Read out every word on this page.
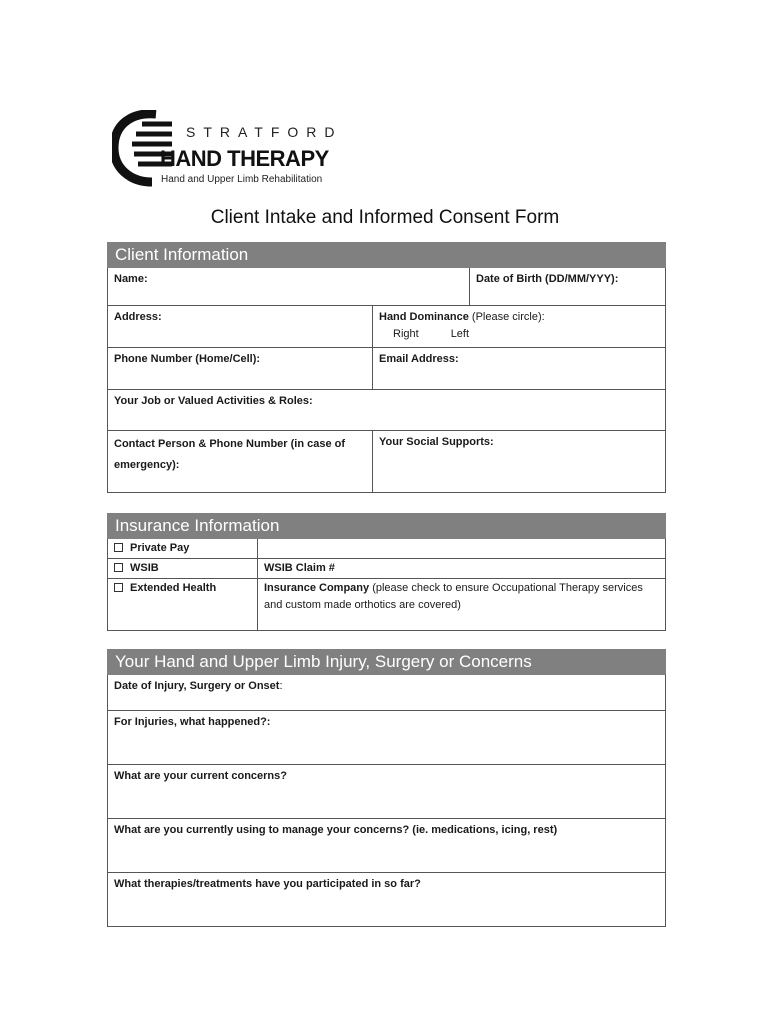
STRATFORD
HAND THERAPY
Hand and Upper Limb Rehabilitation
Client Intake and Informed Consent Form
Client Information		
Name:		Date of Birth (DD/MM/YYY):
Address:	Hand Dominance (Please circle):
Right Left	
Phone Number (Home/Cell):	Email Address:	
Your Job or Valued Activities & Roles:		
Contact Person & Phone Number (in case of emergency):	Your Social Supports:	
Insurance Information	
Private Pay	
WSIB	WSIB Claim #
Extended Health	Insurance Company (please check to ensure Occupational Therapy services and custom made orthotics are covered)
Your Hand and Upper Limb Injury, Surgery or Concerns
Date of Injury, Surgery or Onset:
For Injuries, what happened?:
What are your current concerns?
What are you currently using to manage your concerns? (ie. medications, icing, rest)
What therapies/treatments have you participated in so far?
